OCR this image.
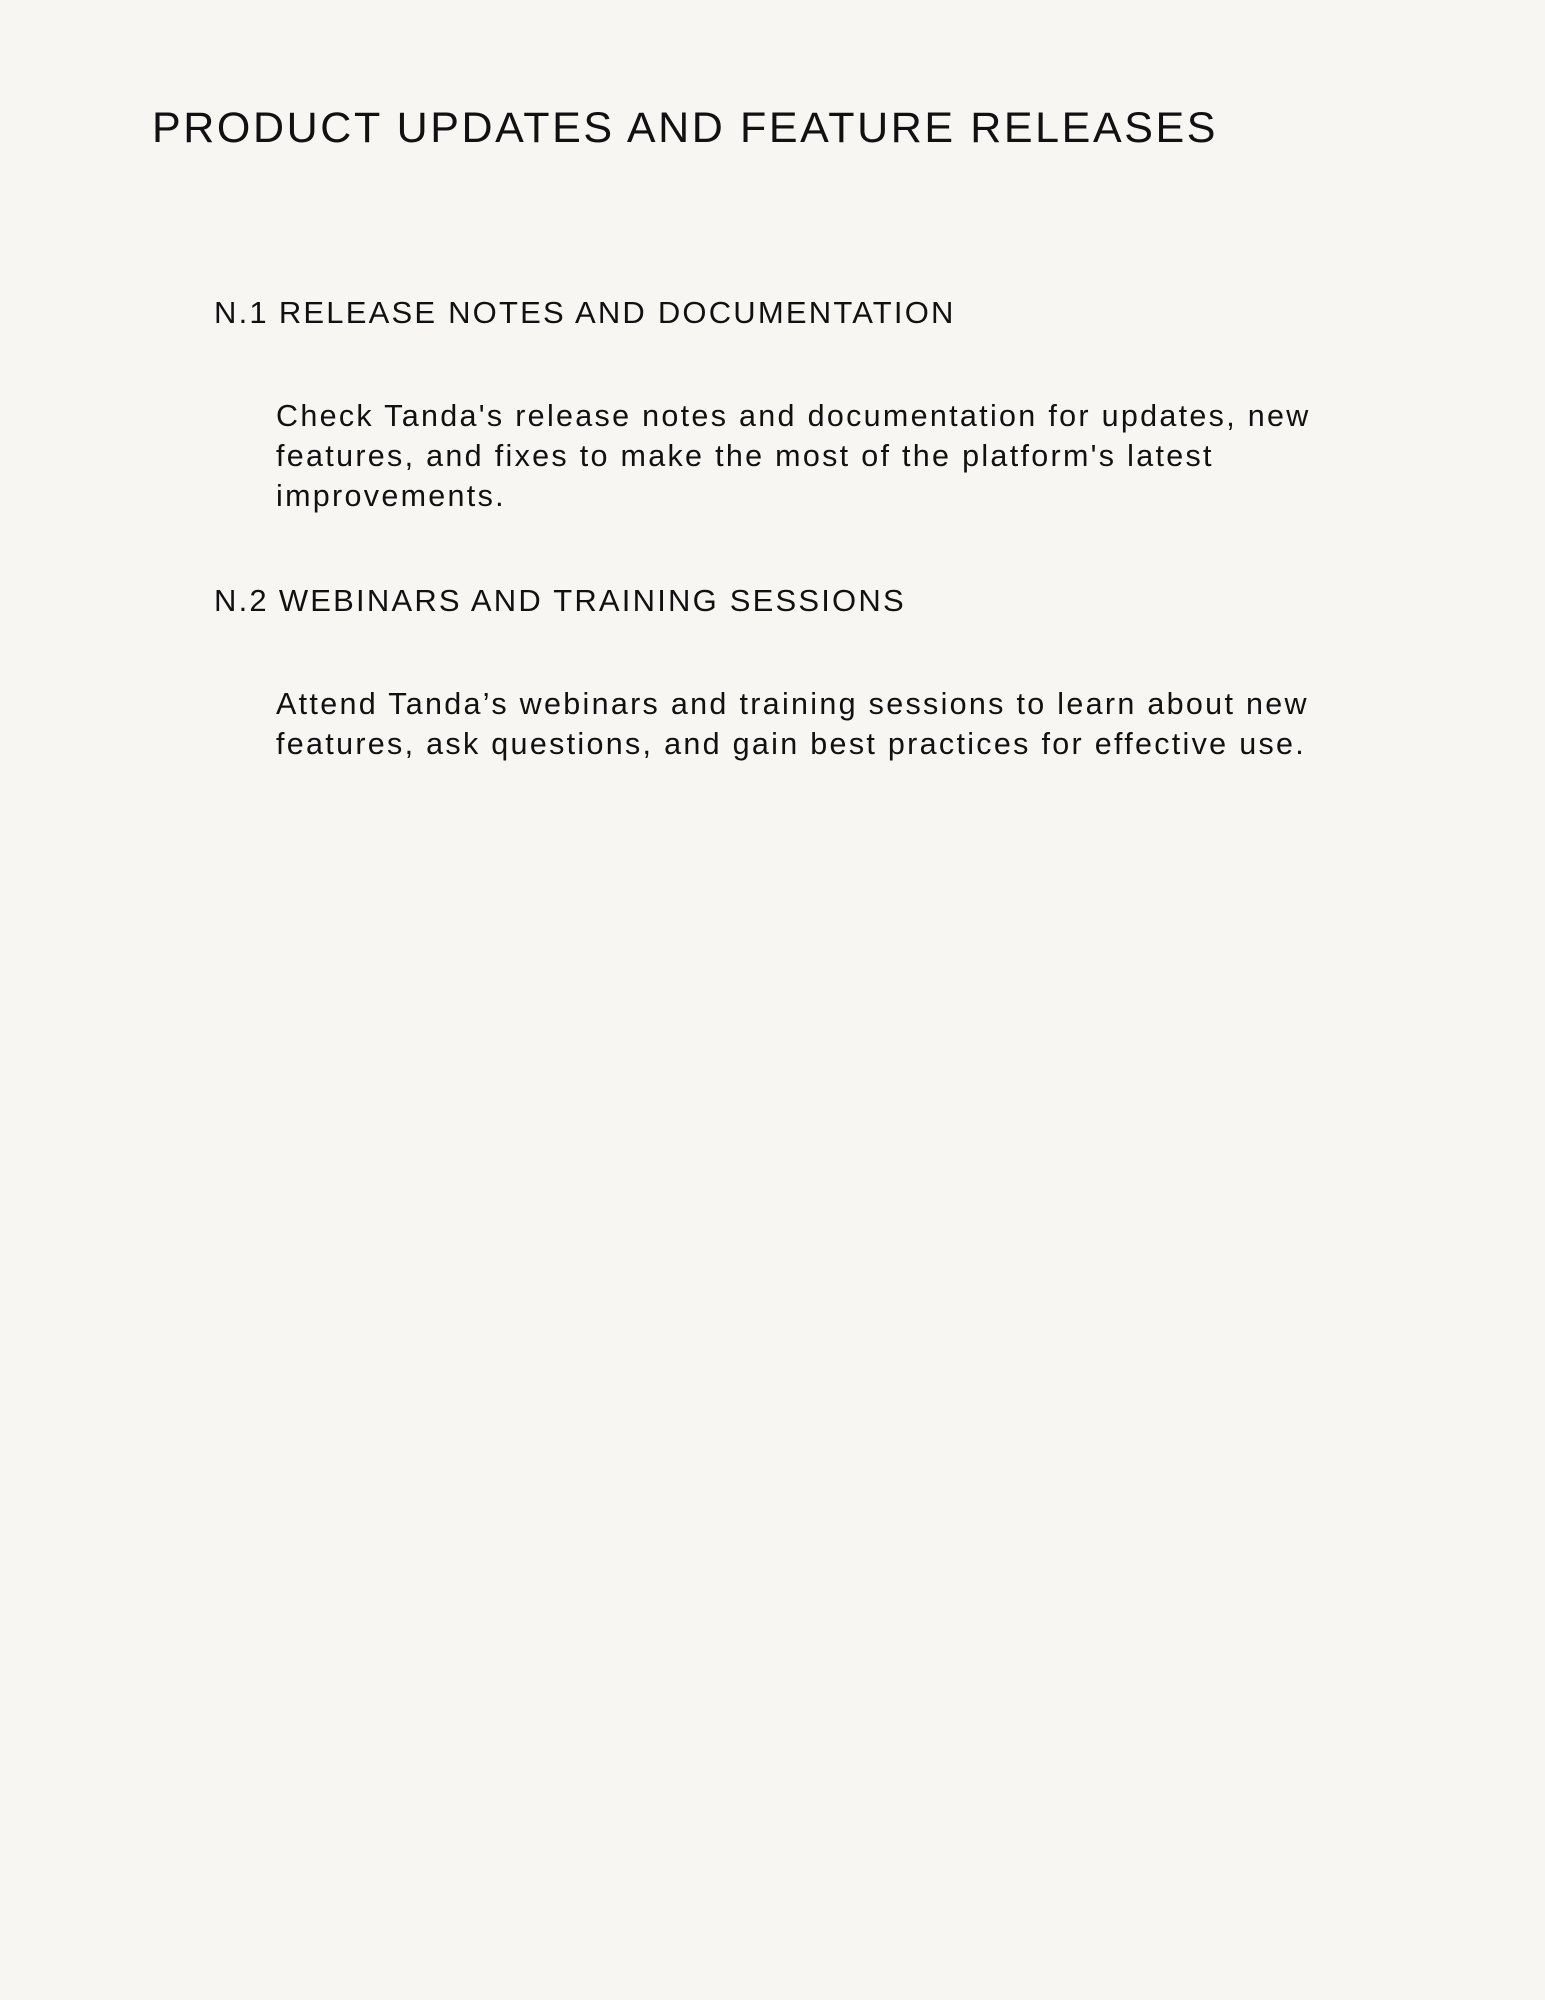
PRODUCT UPDATES AND FEATURE RELEASES
N.1 RELEASE NOTES AND DOCUMENTATION

Check Tanda's release notes and documentation for updates, new
features, and fixes to make the most of the platform's latest
improvements.

N.2 WEBINARS AND TRAINING SESSIONS

Attend Tanda’s webinars and training sessions to learn about new
features, ask questions, and gain best practices for effective use.
